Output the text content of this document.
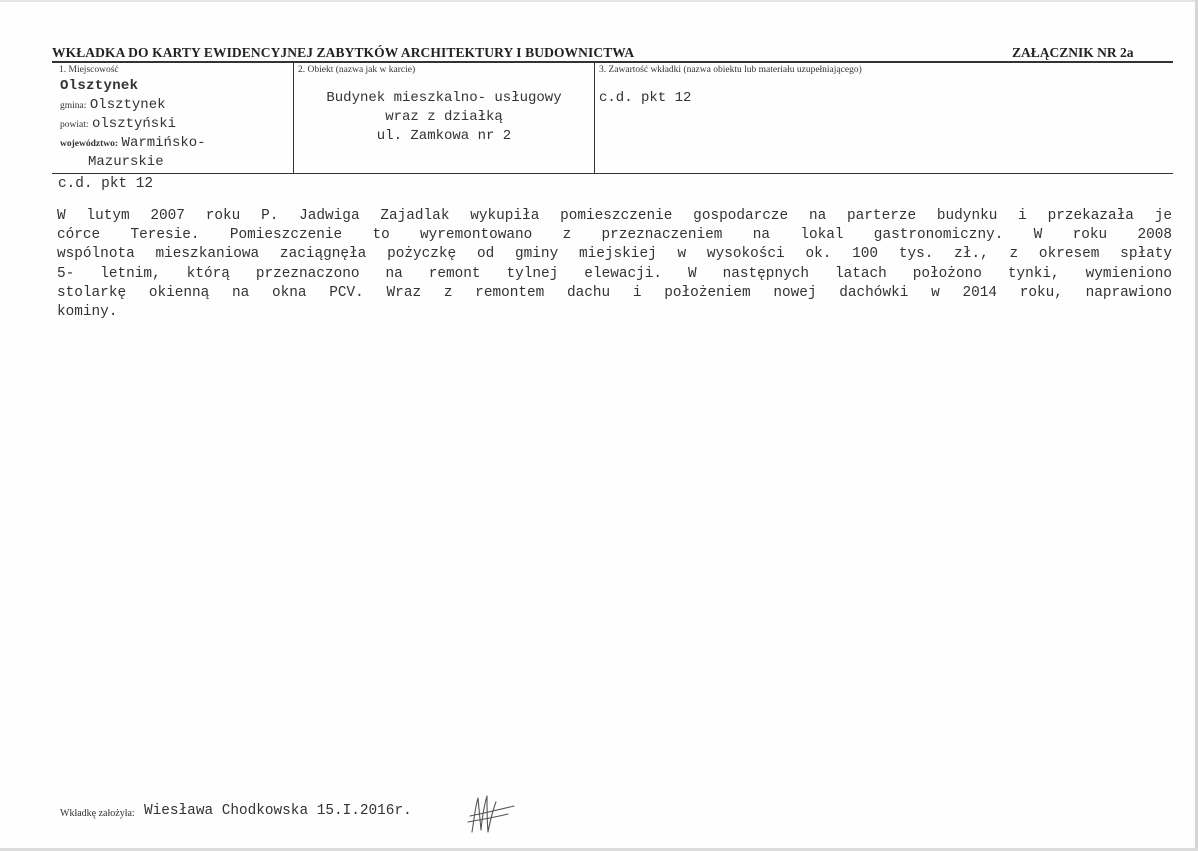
WKŁADKA DO KARTY EWIDENCYJNEJ ZABYTKÓW ARCHITEKTURY I BUDOWNICTWA	ZAŁĄCZNIK NR 2a
1. Miejscowość
Olsztynek
gmina: Olsztynek
powiat: olsztyński
województwo: Warmińsko-
Mazurskie
2. Obiekt (nazwa jak w karcie)
Budynek mieszkalno- usługowy
wraz z działką
ul. Zamkowa nr 2
3. Zawartość wkładki (nazwa obiektu lub materiału uzupełniającego)
c.d. pkt 12
c.d. pkt 12
W lutym 2007 roku P. Jadwiga Zajadlak wykupiła pomieszczenie gospodarcze na parterze budynku i przekazała je
córce Teresie. Pomieszczenie to wyremontowano z przeznaczeniem na lokal gastronomiczny. W roku 2008
wspólnota mieszkaniowa zaciągnęła pożyczkę od gminy miejskiej w wysokości ok. 100 tys. zł., z okresem spłaty
5- letnim, którą przeznaczono na remont tylnej elewacji. W następnych latach położono tynki, wymieniono
stolarkę okienną na okna PCV. Wraz z remontem dachu i położeniem nowej dachówki w 2014 roku, naprawiono
kominy.
Wkładkę założyła: Wiesława Chodkowska 15.I.2016r.
